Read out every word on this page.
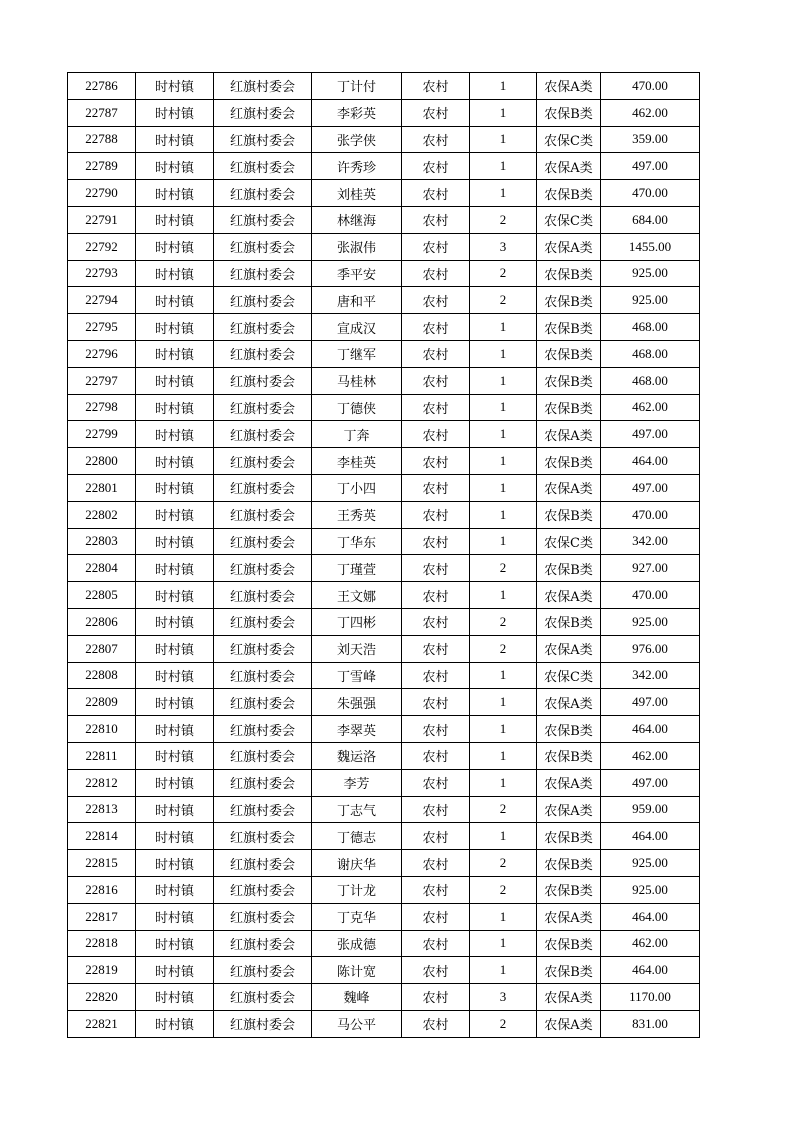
22786	时村镇	红旗村委会	丁计付	农村	1	农保A类	470.00
22787	时村镇	红旗村委会	李彩英	农村	1	农保B类	462.00
22788	时村镇	红旗村委会	张学侠	农村	1	农保C类	359.00
22789	时村镇	红旗村委会	许秀珍	农村	1	农保A类	497.00
22790	时村镇	红旗村委会	刘桂英	农村	1	农保B类	470.00
22791	时村镇	红旗村委会	林继海	农村	2	农保C类	684.00
22792	时村镇	红旗村委会	张淑伟	农村	3	农保A类	1455.00
22793	时村镇	红旗村委会	季平安	农村	2	农保B类	925.00
22794	时村镇	红旗村委会	唐和平	农村	2	农保B类	925.00
22795	时村镇	红旗村委会	宣成汉	农村	1	农保B类	468.00
22796	时村镇	红旗村委会	丁继军	农村	1	农保B类	468.00
22797	时村镇	红旗村委会	马桂林	农村	1	农保B类	468.00
22798	时村镇	红旗村委会	丁德侠	农村	1	农保B类	462.00
22799	时村镇	红旗村委会	丁奔	农村	1	农保A类	497.00
22800	时村镇	红旗村委会	李桂英	农村	1	农保B类	464.00
22801	时村镇	红旗村委会	丁小四	农村	1	农保A类	497.00
22802	时村镇	红旗村委会	王秀英	农村	1	农保B类	470.00
22803	时村镇	红旗村委会	丁华东	农村	1	农保C类	342.00
22804	时村镇	红旗村委会	丁瑾萱	农村	2	农保B类	927.00
22805	时村镇	红旗村委会	王文娜	农村	1	农保A类	470.00
22806	时村镇	红旗村委会	丁四彬	农村	2	农保B类	925.00
22807	时村镇	红旗村委会	刘天浩	农村	2	农保A类	976.00
22808	时村镇	红旗村委会	丁雪峰	农村	1	农保C类	342.00
22809	时村镇	红旗村委会	朱强强	农村	1	农保A类	497.00
22810	时村镇	红旗村委会	李翠英	农村	1	农保B类	464.00
22811	时村镇	红旗村委会	魏运洛	农村	1	农保B类	462.00
22812	时村镇	红旗村委会	李芳	农村	1	农保A类	497.00
22813	时村镇	红旗村委会	丁志气	农村	2	农保A类	959.00
22814	时村镇	红旗村委会	丁德志	农村	1	农保B类	464.00
22815	时村镇	红旗村委会	谢庆华	农村	2	农保B类	925.00
22816	时村镇	红旗村委会	丁计龙	农村	2	农保B类	925.00
22817	时村镇	红旗村委会	丁克华	农村	1	农保A类	464.00
22818	时村镇	红旗村委会	张成德	农村	1	农保B类	462.00
22819	时村镇	红旗村委会	陈计宽	农村	1	农保B类	464.00
22820	时村镇	红旗村委会	魏峰	农村	3	农保A类	1170.00
22821	时村镇	红旗村委会	马公平	农村	2	农保A类	831.00
